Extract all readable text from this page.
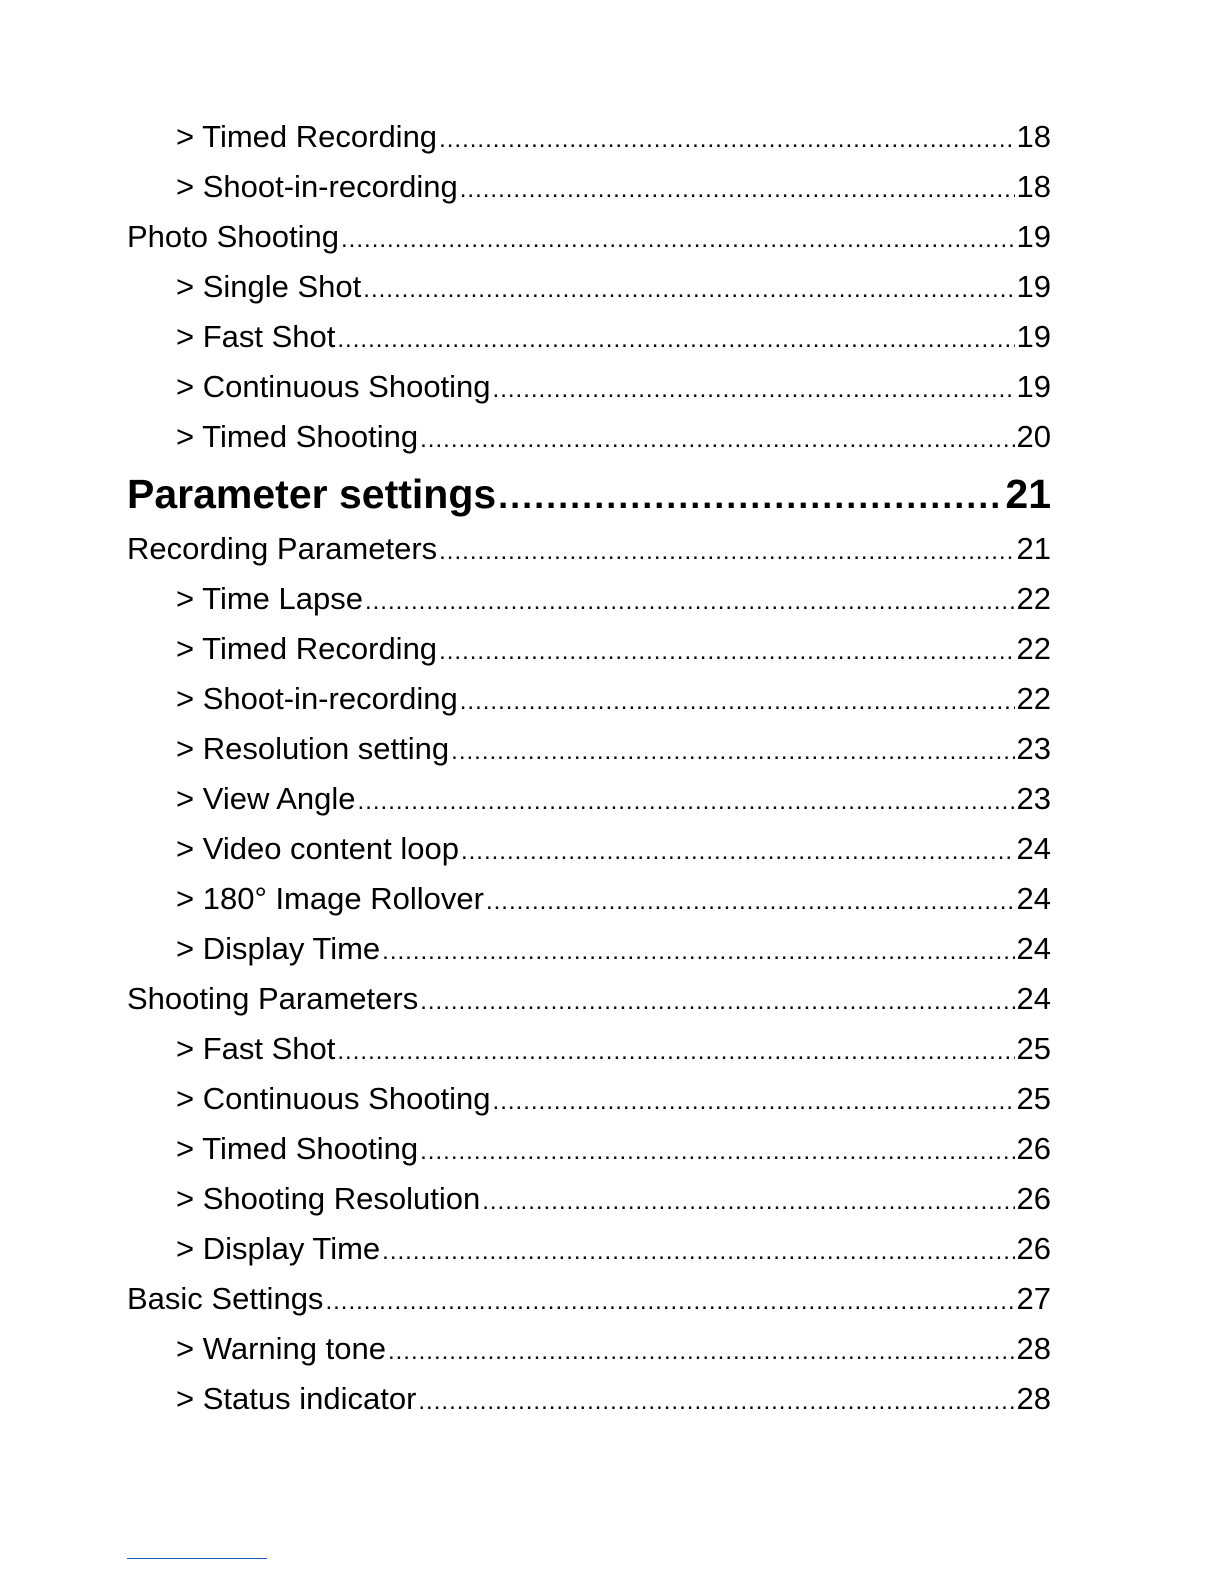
> Timed Recording .....	18
> Shoot-in-recording .....	18
Photo Shooting .....	19
> Single Shot .....	19
> Fast Shot .....	19
> Continuous Shooting .....	19
> Timed Shooting .....	20
Parameter settings .....	21
Recording Parameters .....	21
> Time Lapse .....	22
> Timed Recording .....	22
> Shoot-in-recording .....	22
> Resolution setting .....	23
> View Angle .....	23
> Video content loop .....	24
> 180° Image Rollover .....	24
> Display Time .....	24
Shooting Parameters .....	24
> Fast Shot .....	25
> Continuous Shooting .....	25
> Timed Shooting .....	26
> Shooting Resolution .....	26
> Display Time .....	26
Basic Settings .....	27
> Warning tone .....	28
> Status indicator .....	28
